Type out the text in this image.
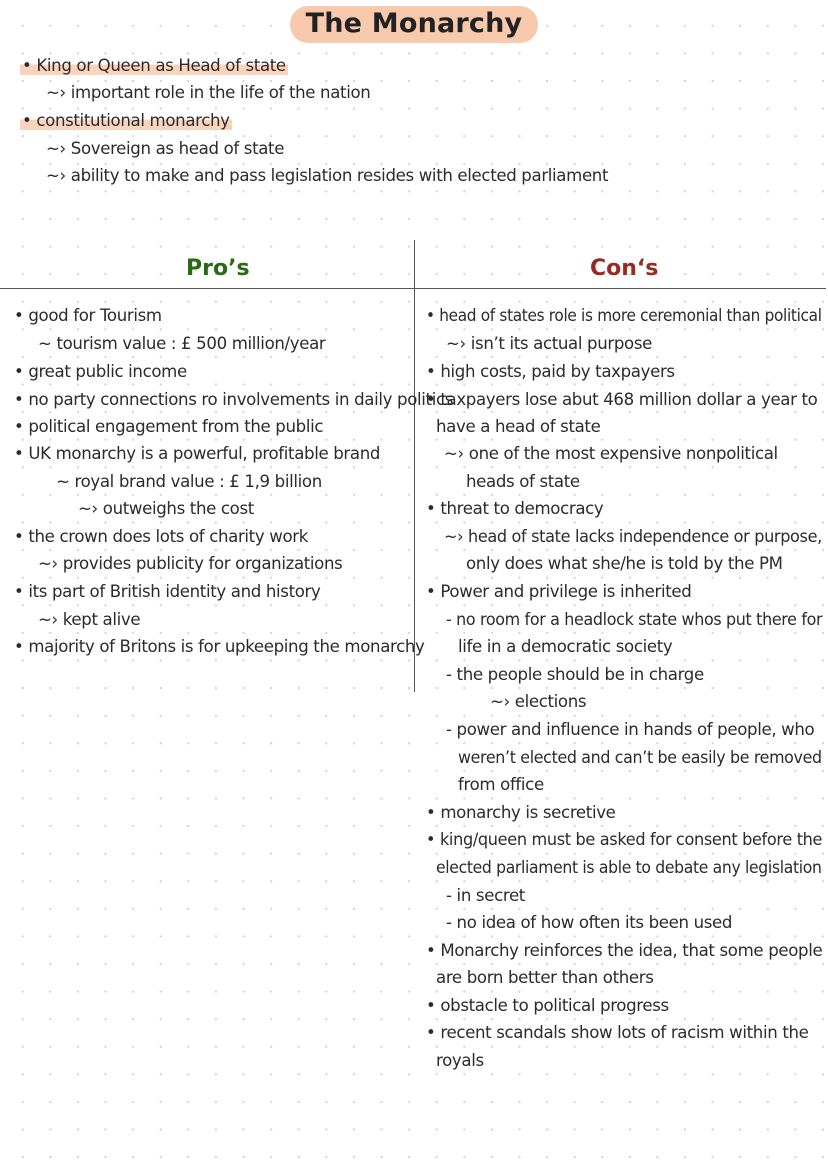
The Monarchy
• King or Queen as Head of state
~› important role in the life of the nation
• constitutional monarchy
~› Sovereign as head of state
~› ability to make and pass legislation resides with elected parliament
Pro’s	Con‘s
• good for Tourism
~ tourism value : £ 500 million/year
• great public income
• no party connections ro involvements in daily politics
• political engagement from the public
• UK monarchy is a powerful, profitable brand
~ royal brand value : £ 1,9 billion
~› outweighs the cost
• the crown does lots of charity work
~› provides publicity for organizations
• its part of British identity and history
~› kept alive
• majority of Britons is for upkeeping the monarchy
• head of states role is more ceremonial than political
~› isn’t its actual purpose
• high costs, paid by taxpayers
• taxpayers lose abut 468 million dollar a year to
have a head of state
~› one of the most expensive nonpolitical
heads of state
• threat to democracy
~› head of state lacks independence or purpose,
only does what she/he is told by the PM
• Power and privilege is inherited
- no room for a headlock state whos put there for
life in a democratic society
- the people should be in charge
~› elections
- power and influence in hands of people, who
weren’t elected and can’t be easily be removed
from office
• monarchy is secretive
• king/queen must be asked for consent before the
elected parliament is able to debate any legislation
- in secret
- no idea of how often its been used
• Monarchy reinforces the idea, that some people
are born better than others
• obstacle to political progress
• recent scandals show lots of racism within the
royals
